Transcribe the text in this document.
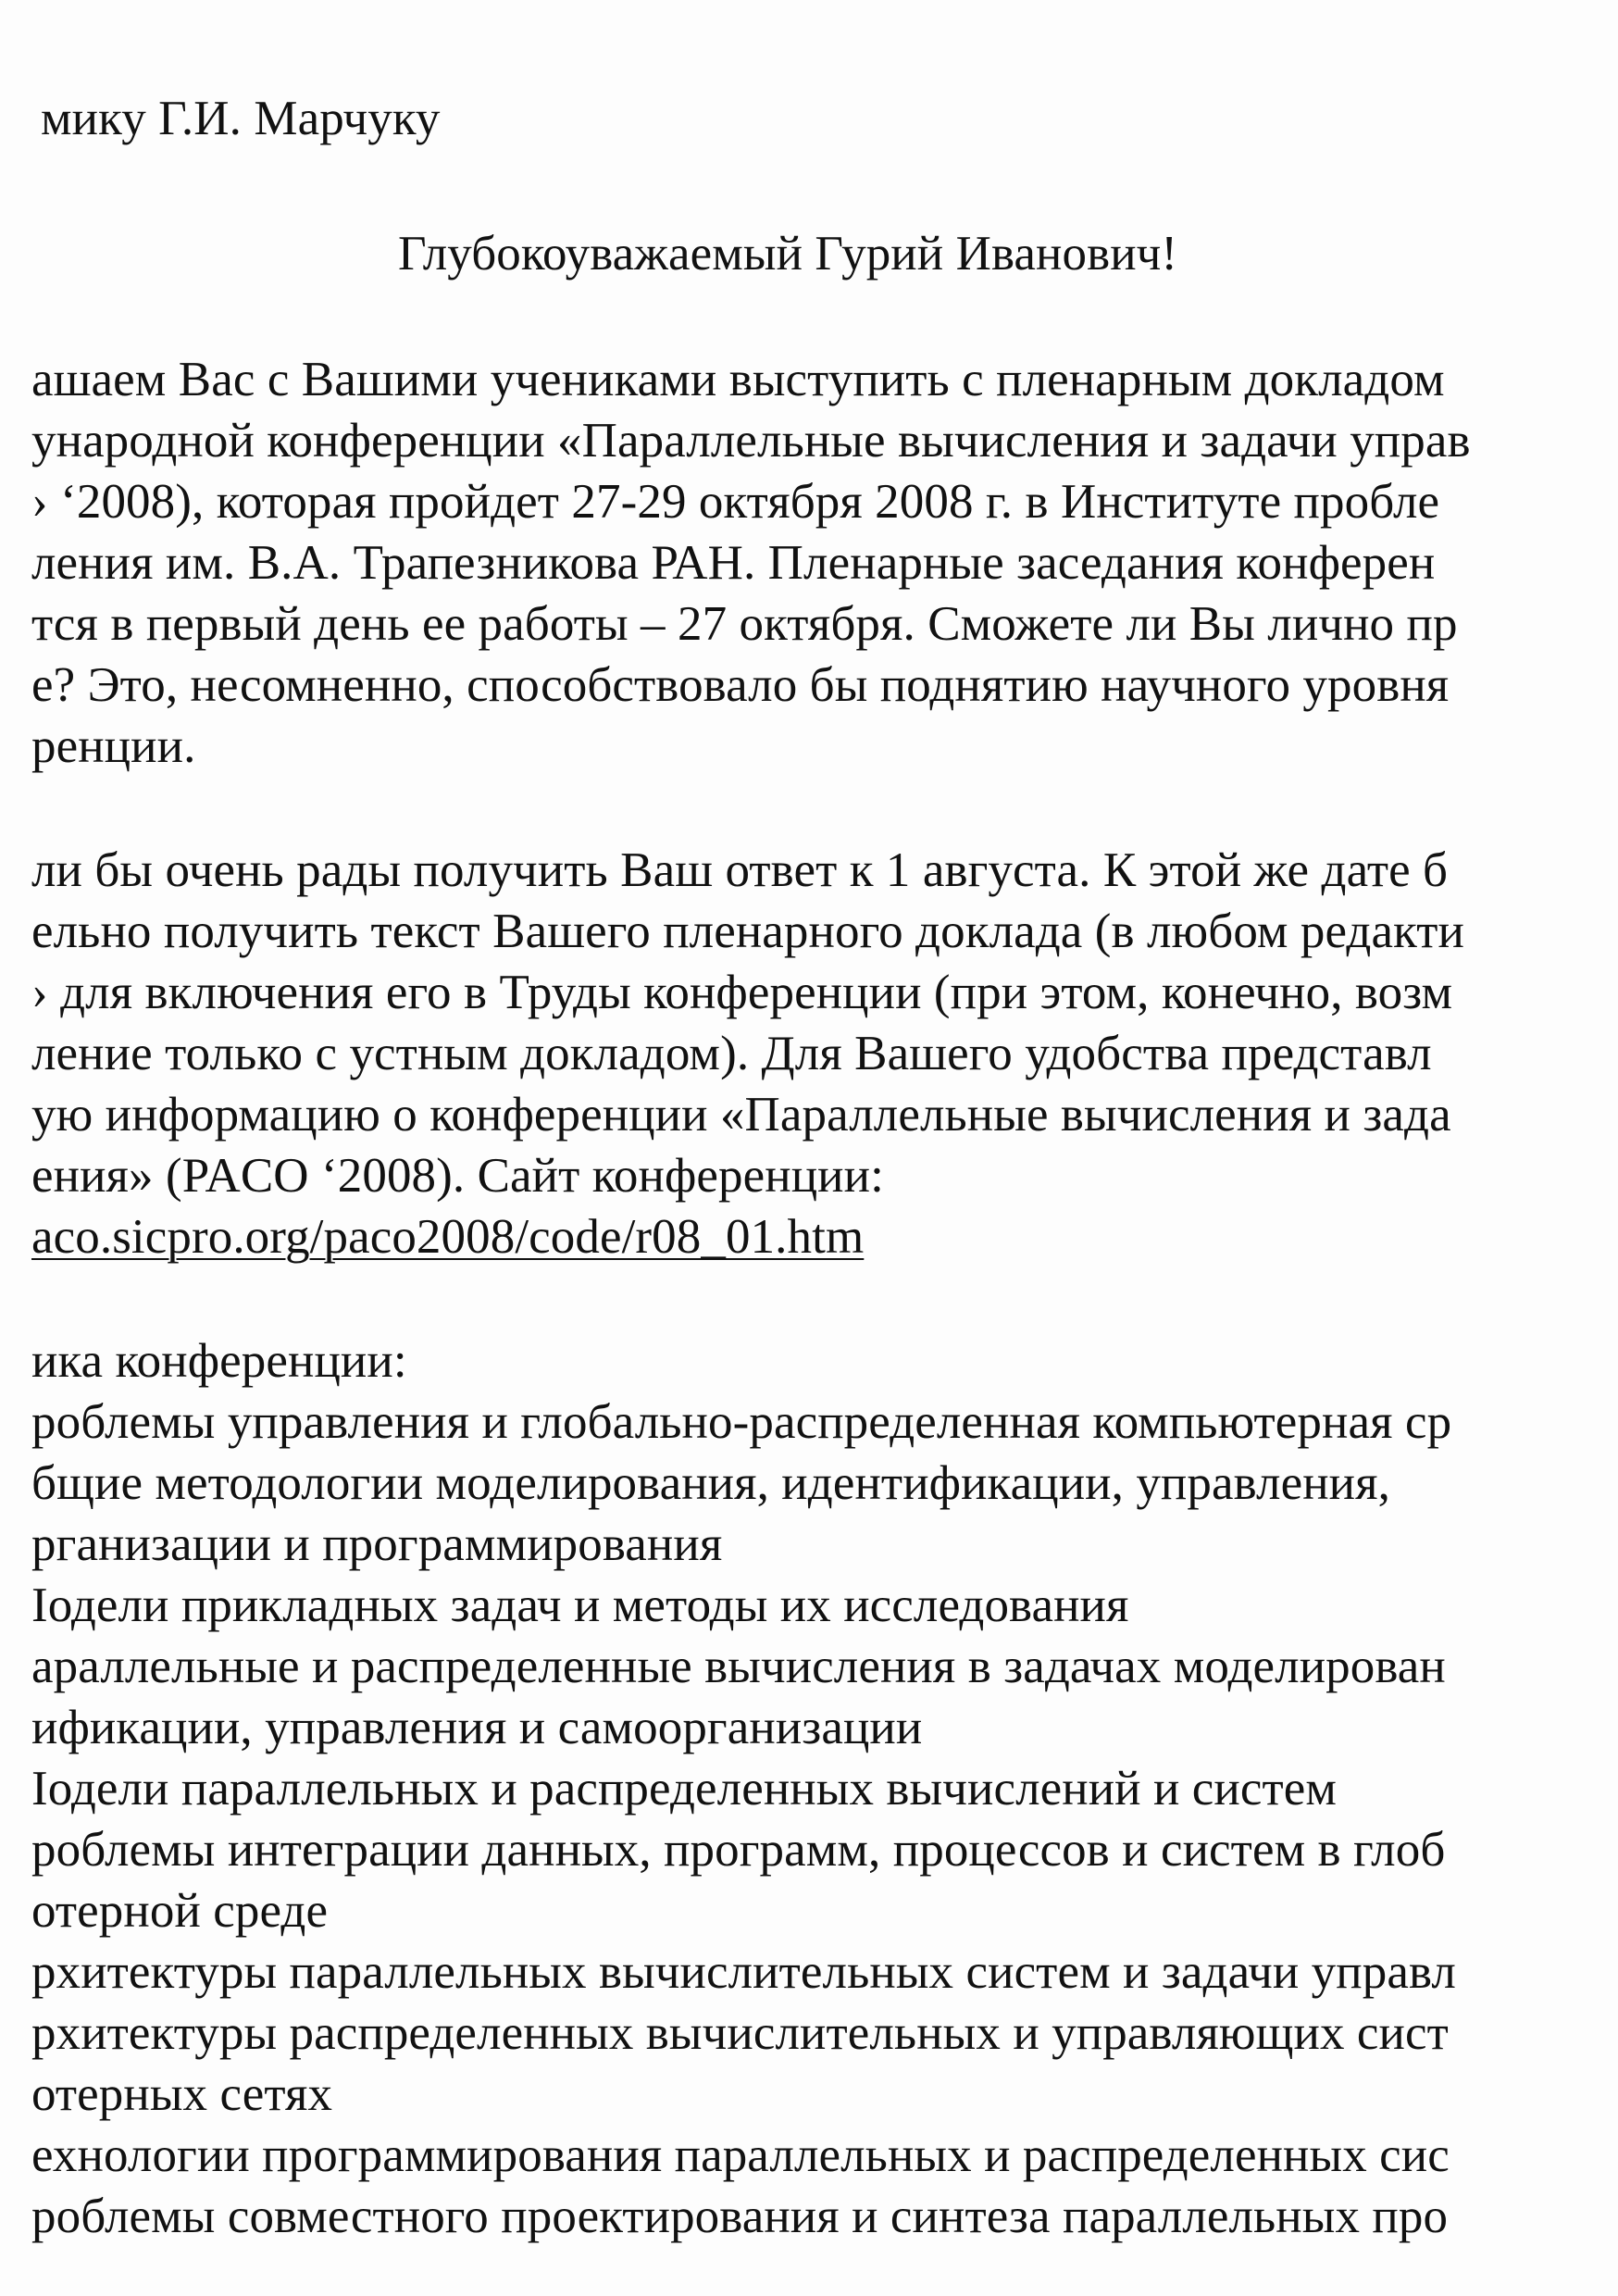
мику Г.И. Марчуку
Глубокоуважаемый Гурий Иванович!
ашаем Вас с Вашими учениками выступить с пленарным докладом
ународной конференции «Параллельные вычисления и задачи управ
› ‘2008), которая пройдет 27-29 октября 2008 г. в Институте пробле
ления им. В.А. Трапезникова РАН. Пленарные заседания конферен
тся в первый день ее работы – 27 октября. Сможете ли Вы лично пр
е? Это, несомненно, способствовало бы поднятию научного уровня
ренции.
ли бы очень рады получить Ваш ответ к 1 августа. К этой же дате б
ельно получить текст Вашего пленарного доклада (в любом редакти
› для включения его в Труды конференции (при этом, конечно, возм
ление только с устным докладом). Для Вашего удобства представл
ую информацию о конференции «Параллельные вычисления и зада
ения» (PACO ‘2008). Сайт конференции:
aco.sicpro.org/paco2008/code/r08_01.htm
ика конференции:
роблемы управления и глобально-распределенная компьютерная ср
бщие методологии моделирования, идентификации, управления,
рганизации и программирования
Іодели прикладных задач и методы их исследования
араллельные и распределенные вычисления в задачах моделирован
ификации, управления и самоорганизации
Іодели параллельных и распределенных вычислений и систем
роблемы интеграции данных, программ, процессов и систем в глоб
отерной среде
рхитектуры параллельных вычислительных систем и задачи управл
рхитектуры распределенных вычислительных и управляющих сист
отерных сетях
ехнологии программирования параллельных и распределенных сис
роблемы совместного проектирования и синтеза параллельных про
